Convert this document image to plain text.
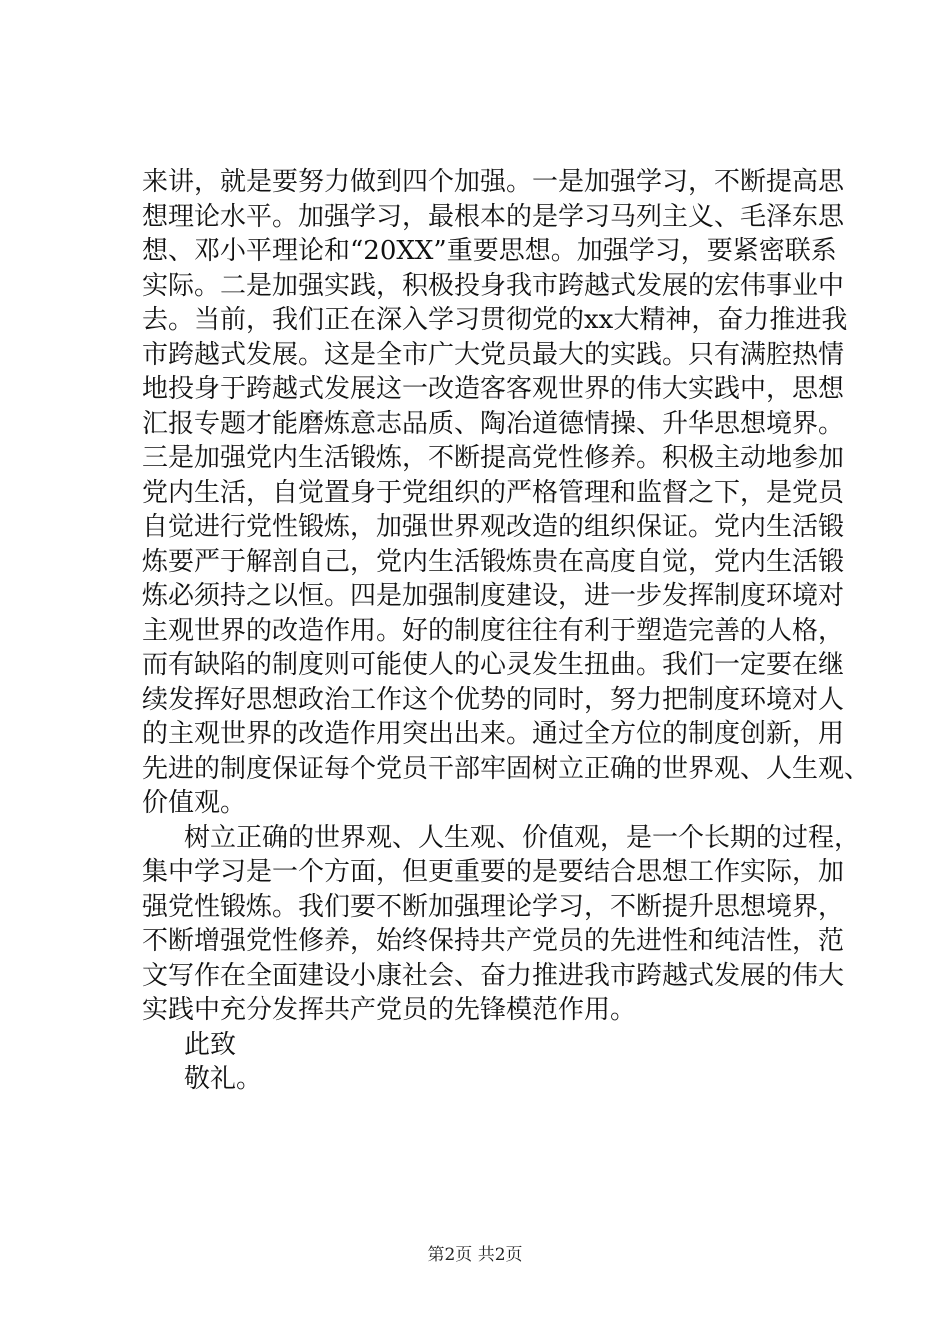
来讲，就是要努力做到四个加强。一是加强学习，不断提高思
想理论水平。加强学习，最根本的是学习马列主义、毛泽东思
想、邓小平理论和“20XX”重要思想。加强学习，要紧密联系
实际。二是加强实践，积极投身我市跨越式发展的宏伟事业中
去。当前，我们正在深入学习贯彻党的xx大精神，奋力推进我
市跨越式发展。这是全市广大党员最大的实践。只有满腔热情
地投身于跨越式发展这一改造客客观世界的伟大实践中，思想
汇报专题才能磨炼意志品质、陶冶道德情操、升华思想境界。
三是加强党内生活锻炼，不断提高党性修养。积极主动地参加
党内生活，自觉置身于党组织的严格管理和监督之下，是党员
自觉进行党性锻炼，加强世界观改造的组织保证。党内生活锻
炼要严于解剖自己，党内生活锻炼贵在高度自觉，党内生活锻
炼必须持之以恒。四是加强制度建设，进一步发挥制度环境对
主观世界的改造作用。好的制度往往有利于塑造完善的人格，
而有缺陷的制度则可能使人的心灵发生扭曲。我们一定要在继
续发挥好思想政治工作这个优势的同时，努力把制度环境对人
的主观世界的改造作用突出出来。通过全方位的制度创新，用
先进的制度保证每个党员干部牢固树立正确的世界观、人生观、
价值观。
树立正确的世界观、人生观、价值观，是一个长期的过程，
集中学习是一个方面，但更重要的是要结合思想工作实际，加
强党性锻炼。我们要不断加强理论学习，不断提升思想境界，
不断增强党性修养，始终保持共产党员的先进性和纯洁性，范
文写作在全面建设小康社会、奋力推进我市跨越式发展的伟大
实践中充分发挥共产党员的先锋模范作用。
此致
敬礼。
第2页 共2页
